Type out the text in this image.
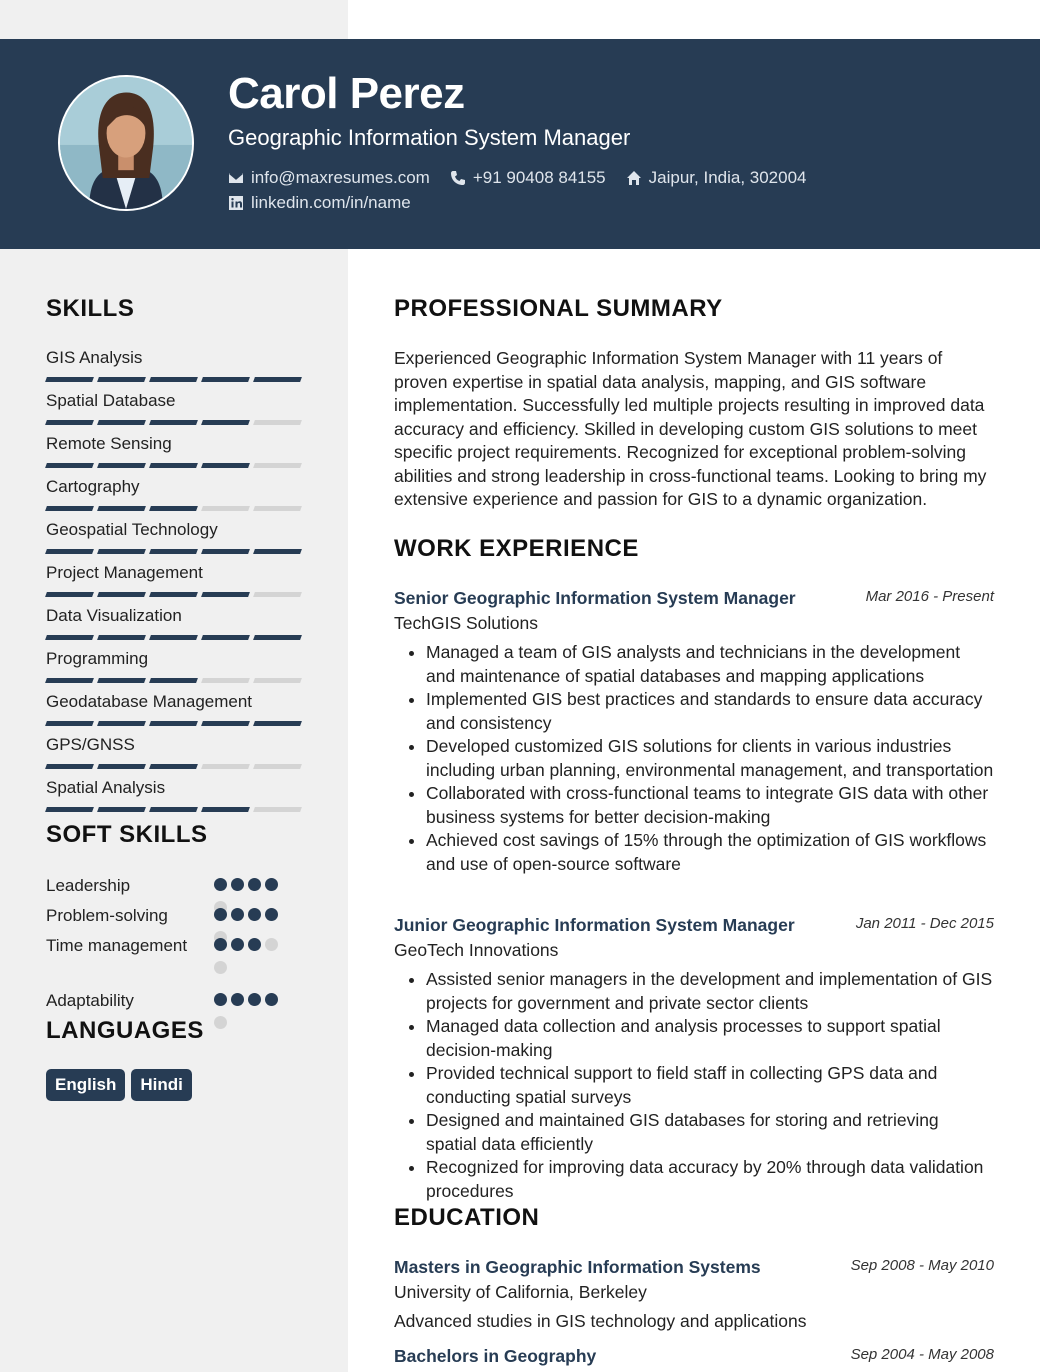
Carol Perez
Geographic Information System Manager
info@maxresumes.com	+91 90408 84155	Jaipur, India, 302004
linkedin.com/in/name
SKILLS
GIS Analysis
Spatial Database
Remote Sensing
Cartography
Geospatial Technology
Project Management
Data Visualization
Programming
Geodatabase Management
GPS/GNSS
Spatial Analysis
SOFT SKILLS
Leadership
Problem-solving
Time management
Adaptability
LANGUAGES
English	Hindi
PROFESSIONAL SUMMARY
Experienced Geographic Information System Manager with 11 years of proven expertise in spatial data analysis, mapping, and GIS software implementation. Successfully led multiple projects resulting in improved data accuracy and efficiency. Skilled in developing custom GIS solutions to meet specific project requirements. Recognized for exceptional problem-solving abilities and strong leadership in cross-functional teams. Looking to bring my extensive experience and passion for GIS to a dynamic organization.
WORK EXPERIENCE
Senior Geographic Information System Manager	Mar 2016 - Present
TechGIS Solutions
• Managed a team of GIS analysts and technicians in the development and maintenance of spatial databases and mapping applications
• Implemented GIS best practices and standards to ensure data accuracy and consistency
• Developed customized GIS solutions for clients in various industries including urban planning, environmental management, and transportation
• Collaborated with cross-functional teams to integrate GIS data with other business systems for better decision-making
• Achieved cost savings of 15% through the optimization of GIS workflows and use of open-source software
Junior Geographic Information System Manager	Jan 2011 - Dec 2015
GeoTech Innovations
• Assisted senior managers in the development and implementation of GIS projects for government and private sector clients
• Managed data collection and analysis processes to support spatial decision-making
• Provided technical support to field staff in collecting GPS data and conducting spatial surveys
• Designed and maintained GIS databases for storing and retrieving spatial data efficiently
• Recognized for improving data accuracy by 20% through data validation procedures
EDUCATION
Masters in Geographic Information Systems	Sep 2008 - May 2010
University of California, Berkeley
Advanced studies in GIS technology and applications
Bachelors in Geography	Sep 2004 - May 2008
